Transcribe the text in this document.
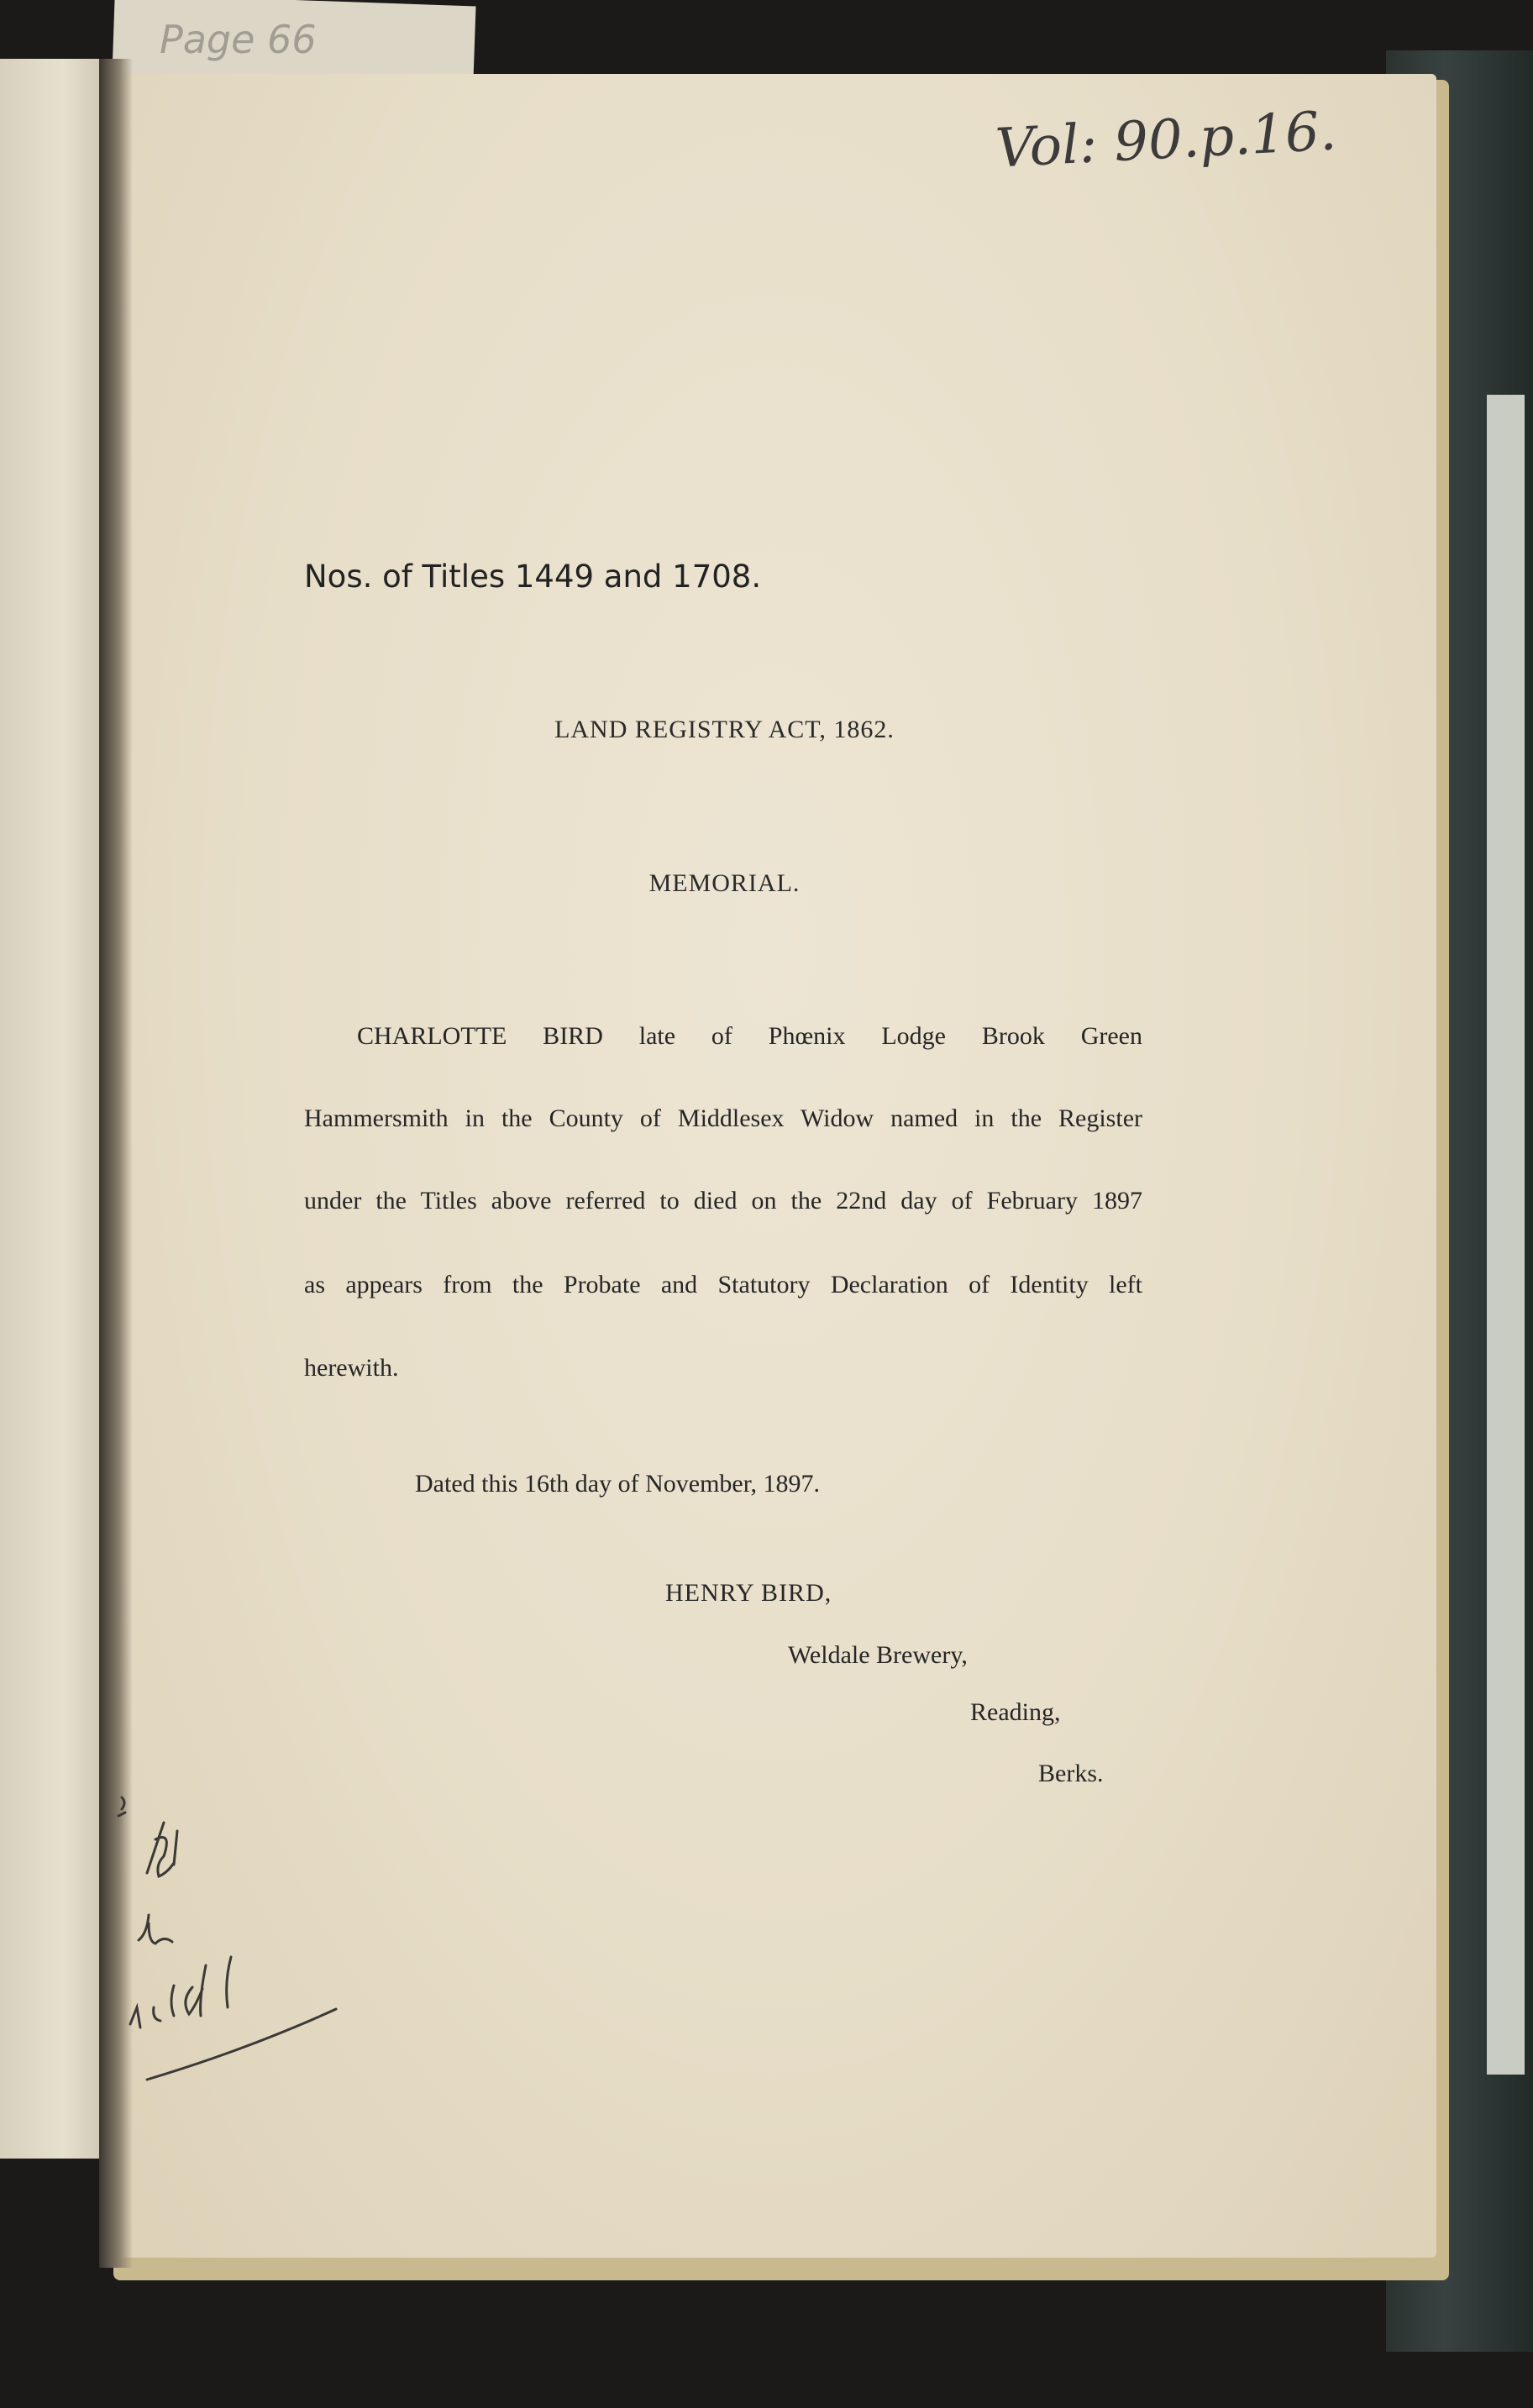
Page 66
Vol: 90.p.16.
Nos. of Titles 1449 and 1708.
LAND REGISTRY ACT, 1862.
MEMORIAL.
CHARLOTTE BIRD late of Phœnix Lodge Brook Green
Hammersmith in the County of Middlesex Widow named in the Register
under the Titles above referred to died on the 22nd day of February 1897
as appears from the Probate and Statutory Declaration of Identity left
herewith.
Dated this 16th day of November, 1897.
HENRY BIRD,
Weldale Brewery,
Reading,
Berks.
